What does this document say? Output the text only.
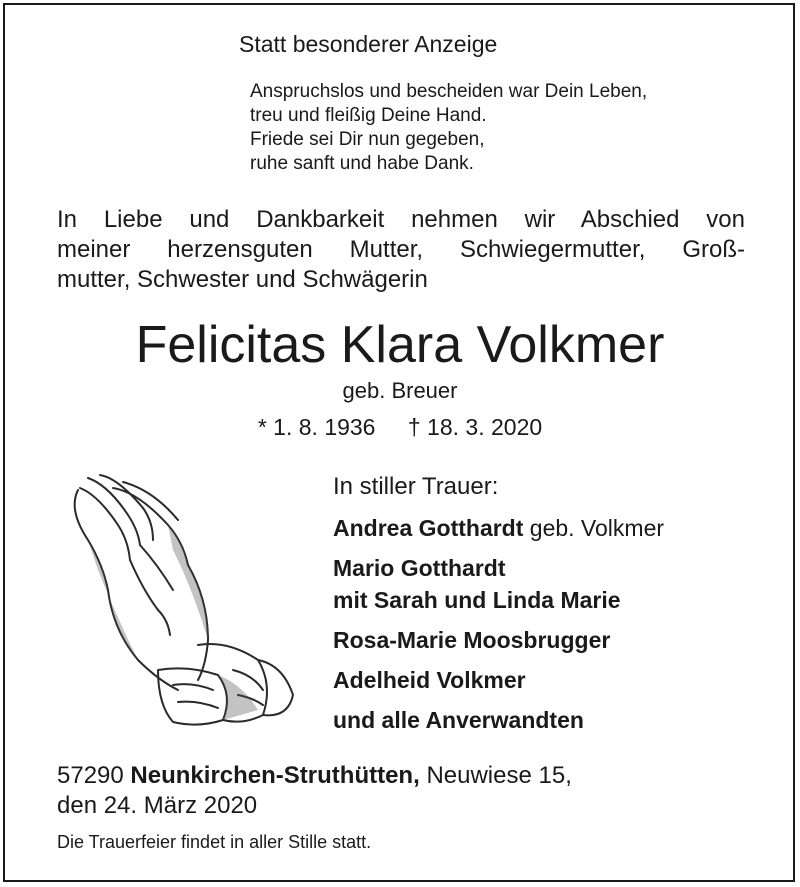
Statt besonderer Anzeige
Anspruchslos und bescheiden war Dein Leben,
treu und fleißig Deine Hand.
Friede sei Dir nun gegeben,
ruhe sanft und habe Dank.
In Liebe und Dankbarkeit nehmen wir Abschied von
meiner herzensguten Mutter, Schwiegermutter, Groß-
mutter, Schwester und Schwägerin
Felicitas Klara Volkmer
geb. Breuer
* 1. 8. 1936 † 18. 3. 2020
In stiller Trauer:
Andrea Gotthardt geb. Volkmer
Mario Gotthardt
mit Sarah und Linda Marie
Rosa-Marie Moosbrugger
Adelheid Volkmer
und alle Anverwandten
57290 Neunkirchen-Struthütten, Neuwiese 15,
den 24. März 2020
Die Trauerfeier findet in aller Stille statt.
